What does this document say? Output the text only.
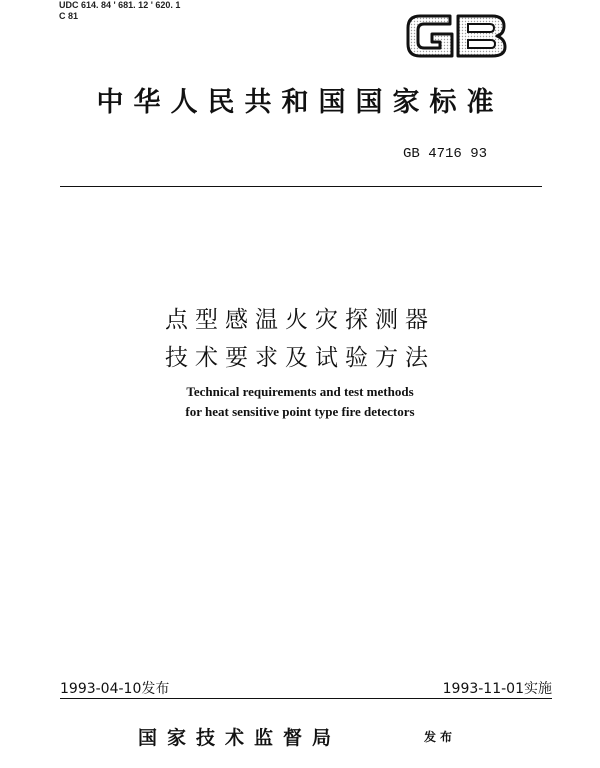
UDC 614. 84 ' 681. 12 ' 620. 1
C 81
中华人民共和国国家标准
GB 4716 93
点型感温火灾探测器
技术要求及试验方法
Technical requirements and test methods
for heat sensitive point type fire detectors
1993-04-10发布	1993-11-01实施
国家技术监督局	发布
